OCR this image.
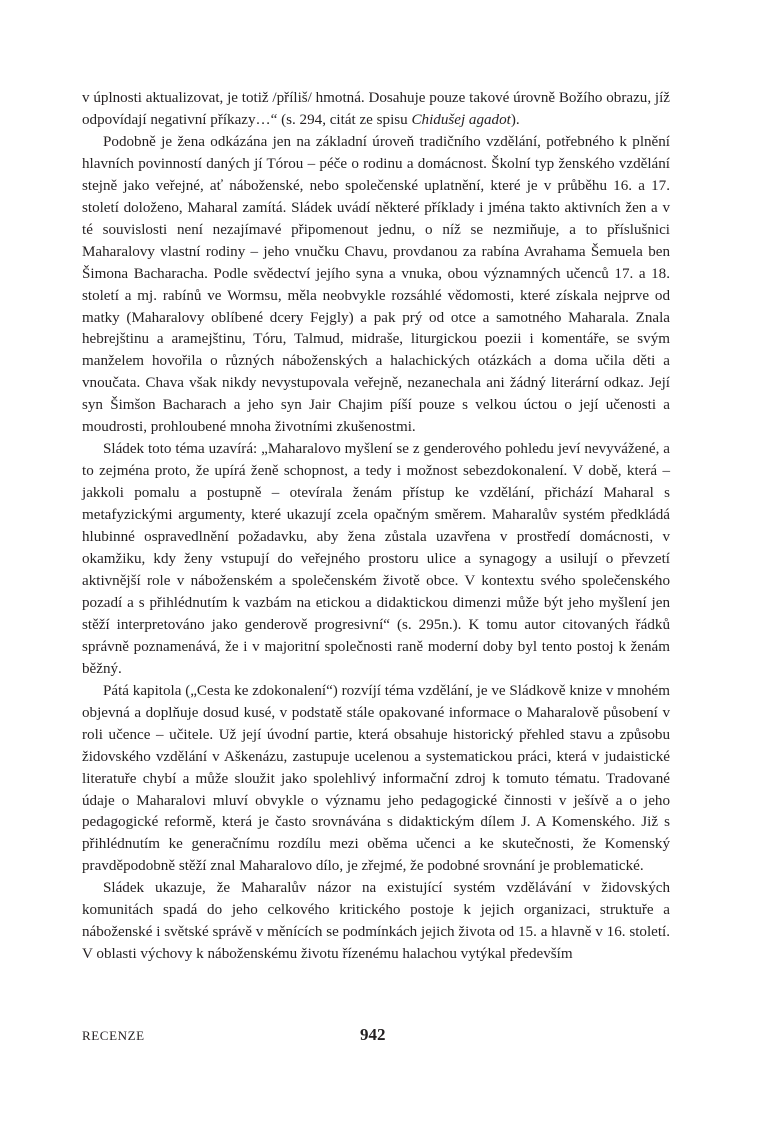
v úplnosti aktualizovat, je totiž /příliš/ hmotná. Dosahuje pouze takové úrovně Božího obrazu, jíž odpovídají negativní příkazy…“ (s. 294, citát ze spisu Chidušej agadot).

Podobně je žena odkázána jen na základní úroveň tradičního vzdělání, potřebného k plnění hlavních povinností daných jí Tórou – péče o rodinu a domácnost. Školní typ ženského vzdělání stejně jako veřejné, ať náboženské, nebo společenské uplatnění, které je v průběhu 16. a 17. století doloženo, Maharal zamítá. Sládek uvádí některé příklady i jména takto aktivních žen a v té souvislosti není nezajímavé připomenout jednu, o níž se nezmiňuje, a to příslušnici Maharalovy vlastní rodiny – jeho vnučku Chavu, provdanou za rabína Avrahama Šemuela ben Šimona Bacharacha. Podle svědectví jejího syna a vnuka, obou významných učenců 17. a 18. století a mj. rabínů ve Wormsu, měla neobvykle rozsáhlé vědomosti, které získala nejprve od matky (Maharalovy oblíbené dcery Fejgly) a pak prý od otce a samotného Maharala. Znala hebrejštinu a aramejštinu, Tóru, Talmud, midraše, liturgickou poezii i komentáře, se svým manželem hovořila o různých náboženských a halachických otázkách a doma učila děti a vnoučata. Chava však nikdy nevystupovala veřejně, nezanechala ani žádný literární odkaz. Její syn Šimšon Bacharach a jeho syn Jair Chajim píší pouze s velkou úctou o její učenosti a moudrosti, prohloubené mnoha životními zkušenostmi.

Sládek toto téma uzavírá: „Maharalovo myšlení se z genderového pohledu jeví nevyvážené, a to zejména proto, že upírá ženě schopnost, a tedy i možnost sebezdokonalení. V době, která – jakkoli pomalu a postupně – otevírala ženám přístup ke vzdělání, přichází Maharal s metafyzickými argumenty, které ukazují zcela opačným směrem. Maharalův systém předkládá hlubinné ospravedlnění požadavku, aby žena zůstala uzavřena v prostředí domácnosti, v okamžiku, kdy ženy vstupují do veřejného prostoru ulice a synagogy a usilují o převzetí aktivnější role v náboženském a společenském životě obce. V kontextu svého společenského pozadí a s přihlédnutím k vazbám na etickou a didaktickou dimenzi může být jeho myšlení jen stěží interpretováno jako genderově progresivní“ (s. 295n.). K tomu autor citovaných řádků správně poznamenává, že i v majoritní společnosti raně moderní doby byl tento postoj k ženám běžný.

Pátá kapitola („Cesta ke zdokonalení“) rozvíjí téma vzdělání, je ve Sládkově knize v mnohém objevná a doplňuje dosud kusé, v podstatě stále opakované informace o Maharalově působení v roli učence – učitele. Už její úvodní partie, která obsahuje historický přehled stavu a způsobu židovského vzdělání v Aškenázu, zastupuje ucelenou a systematickou práci, která v judaistické literatuře chybí a může sloužit jako spolehlivý informační zdroj k tomuto tématu. Tradované údaje o Maharalovi mluví obvykle o významu jeho pedagogické činnosti v ješívě a o jeho pedagogické reformě, která je často srovnávána s didaktickým dílem J. A Komenského. Již s přihlédnutím ke generačnímu rozdílu mezi oběma učenci a ke skutečnosti, že Komenský pravděpodobně stěží znal Maharalovo dílo, je zřejmé, že podobné srovnání je problematické.

Sládek ukazuje, že Maharalův názor na existující systém vzdělávání v židovských komunitách spadá do jeho celkového kritického postoje k jejich organizaci, struktuře a náboženské i světské správě v měnících se podmínkách jejich života od 15. a hlavně v 16. století. V oblasti výchovy k náboženskému životu řízenému halachou vytýkal především

RECENZE	942
